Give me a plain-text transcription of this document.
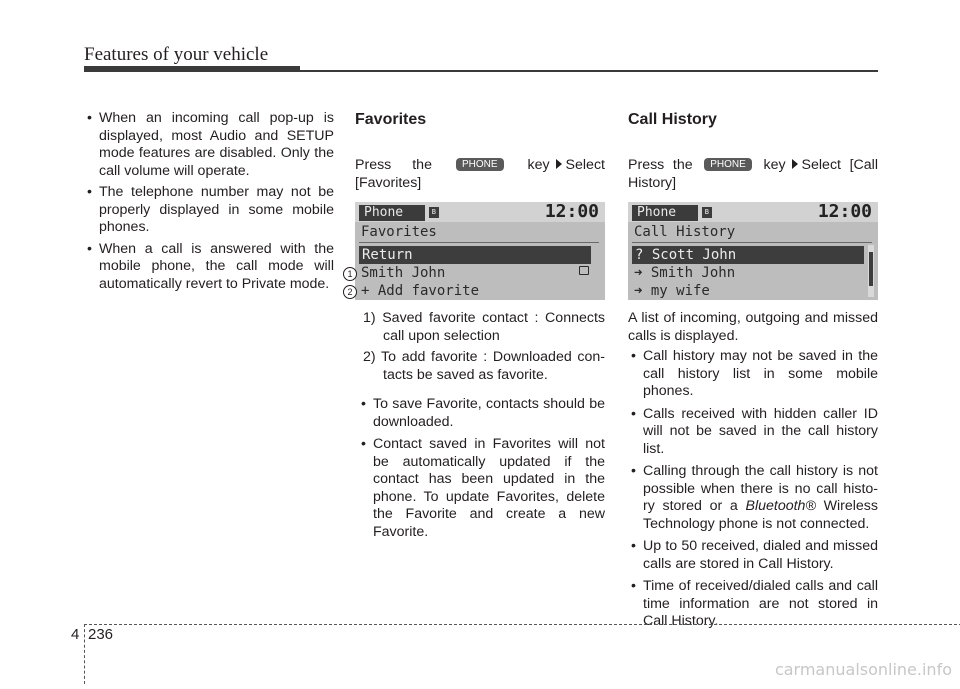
Features of your vehicle
• When an incoming call pop-up is displayed, most Audio and SETUP mode features are disabled. Only the call volume will operate.
• The telephone number may not be properly displayed in some mobile phones.
• When a call is answered with the mobile phone, the call mode will automatically revert to Private mode.
Favorites

Press the	PHONE key Select [Favorites]

Phone	ʙ	12:00
Favorites
Return
Smith John
+ Add favorite
1
2
1) Saved favorite contact : Connects call upon selection
2) To add favorite : Downloaded con- tacts be saved as favorite.
• To save Favorite, contacts should be downloaded.
• Contact saved in Favorites will not be automatically updated if the contact has been updated in the phone. To update Favorites, delete the Favorite and create a new Favorite.
Call History

Press the PHONE key Select [Call History]

Phone	ʙ	12:00
Call History
? Scott John
➜ Smith John
➜ my wife

A list of incoming, outgoing and missed calls is displayed.

• Call history may not be saved in the call history list in some mobile phones.
• Calls received with hidden caller ID will not be saved in the call history list.
• Calling through the call history is not possible when there is no call histo- ry stored or a Bluetooth® Wireless Technology phone is not connected.
• Up to 50 received, dialed and missed calls are stored in Call History.
• Time of received/dialed calls and call time information are not stored in Call History.
4 236
carmanualsonline.info
